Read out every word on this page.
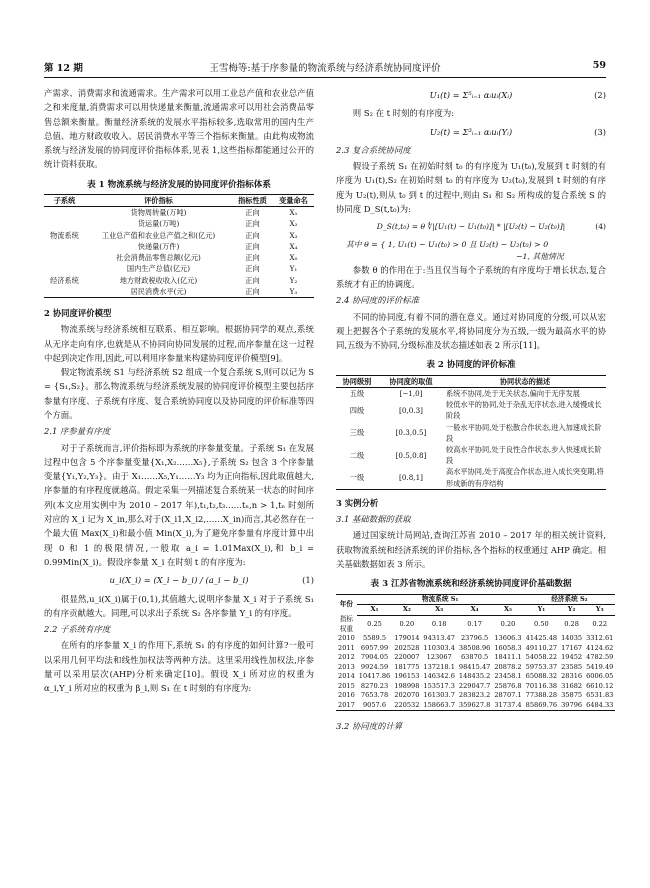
第 12 期	王雪梅等:基于序参量的物流系统与经济系统协同度评价	59

产需求、消费需求和流通需求。生产需求可以用工业总产值和农业总产值之和来度量,消费需求可以用快递量来衡量,流通需求可以用社会消费品零售总额来衡量。衡量经济系统的发展水平指标较多,选取常用的国内生产总值、地方财政收收入、居民消费水平等三个指标来衡量。由此构成物流系统与经济发展的协同度评价指标体系,见表 1,这些指标都能通过公开的统计资料获取。

表 1 物流系统与经济发展的协同度评价指标体系
子系统	评价指标	指标性质	变量命名
	货物周转量(万吨)	正向	X₁
	货运量(万吨)	正向	X₂
物流系统	工业总产值和农业总产值之和(亿元)	正向	X₃
	快递量(万件)	正向	X₄
	社会消费品零售总额(亿元)	正向	X₅
	国内生产总值(亿元)	正向	Y₁
经济系统	地方财政税收收入(亿元)	正向	Y₂
	居民消费水平(元)	正向	Y₃
2 协同度评价模型

物流系统与经济系统相互联系、相互影响。根据协同学的观点,系统从无序走向有序,也就是从不协同向协同发展的过程,而序参量在这一过程中起到决定作用,因此,可以利用序参量来构建协同度评价模型[9]。

假定物流系统 S1 与经济系统 S2 组成一个复合系统 S,则可以记为 S = {S₁,S₂}。那么物流系统与经济系统发展的协同度评价模型主要包括序参量有序度、子系统有序度、复合系统协同度以及协同度的评价标准等四个方面。

2.1 序参量有序度

对于子系统而言,评价指标即为系统的序参量变量。子系统 S₁ 在发展过程中包含 5 个序参量变量{X₁,X₂……X₅},子系统 S₂ 包含 3 个序参量变量{Y₁,Y₂,Y₃}。由于 X₁……X₅,Y₁……Y₃ 均为正向指标,因此取值越大,序参量的有序程度就越高。假定采集一列描述复合系统某一状态的时间序列(本文应用实例中为 2010 – 2017 年),t₁,t₂,t₃……tₙ,n > 1,tₙ 时刻所对应的 X_i 记为 X_in,那么对于(X_i1,X_i2,……X_in)而言,其必然存在一个最大值 Max(X_i)和最小值 Min(X_i),为了避免序参量有序度计算中出现 0 和 1 的极限情况,一般取 a_i = 1.01Max(X_i),和 b_i = 0.99Min(X_i)。假设序参量 X_i 在时刻 t 的有序度为:

u_i(X_i) = (X_i − b_i) / (a_i − b_i)	(1)

很显然,u_i(X_i)属于(0,1),其值越大,说明序参量 X_i 对于子系统 S₁ 的有序贡献越大。同理,可以求出子系统 S₂ 各序参量 Y_i 的有序度。

2.2 子系统有序度

在所有的序参量 X_i 的作用下,系统 S₁ 的有序度的如何计算?一般可以采用几何平均法和线性加权法等两种方法。这里采用线性加权法,序参量可以采用层次(AHP)分析来确定[10]。假设 X_i 所对应的权重为 α_i,Y_i 所对应的权重为 β_i,则 S₁ 在 t 时刻的有序度为:

U₁(t) = Σ⁵ᵢ₌₁ αᵢuᵢ(Xᵢ)	(2)

则 S₂ 在 t 时刻的有序度为:

U₂(t) = Σ³ᵢ₌₁ αᵢuᵢ(Yᵢ)	(3)
2.3 复合系统协同度

假设子系统 S₁ 在初始时刻 t₀ 的有序度为 U₁(t₀),发展到 t 时刻的有序度为 U₁(t),S₂ 在初始时刻 t₀ 的有序度为 U₂(t₀),发展到 t 时刻的有序度为 U₂(t),则从 t₀ 到 t 的过程中,则由 S₁ 和 S₂ 所构成的复合系统 S 的协同度 D_S(t,t₀)为:

D_S(t,t₀) = θ ∜|[U₁(t) − U₁(t₀)]| * |[U₂(t) − U₂(t₀)]|	(4)
其中 θ = { 1, U₁(t) − U₁(t₀) > 0 且 U₂(t) − U₂(t₀) > 0
−1, 其他情况

参数 θ 的作用在于:当且仅当每个子系统的有序度均于增长状态,复合系统才有正的协调度。

2.4 协同度的评价标准

不同的协同度,有着不同的潜在意义。通过对协同度的分级,可以从宏观上把握各个子系统的发展水平,将协同度分为五级,一级为最高水平的协同,五级为不协同,分级标准及状态描述如表 2 所示[11]。

表 2 协同度的评价标准
协同级别	协同度的取值	协同状态的描述
五级	[−1,0]	系统不协同,处于无关状态,偏向于无序发展
四级	[0,0.3]	较低水平的协同,处于杂乱无序状态,进入缓慢成长阶段
三级	[0.3,0.5]	一般水平协同,处于松散合作状态,进入加速成长阶段
二级	[0.5,0.8]	较高水平协同,处于良性合作状态,步入快速成长阶段
一级	[0.8,1]	高水平协同,处于高度合作状态,进入成长突变期,将形成新的有序结构
3 实例分析
3.1 基础数据的获取

通过国家统计局网站,查询江苏省 2010 – 2017 年的相关统计资料,获取物流系统和经济系统的评价指标,各个指标的权重通过 AHP 确定。相关基础数据如表 3 所示。

表 3 江苏省物流系统和经济系统协同度评价基础数据
年份	物流系统 S₁					经济系统 S₂		
	X₁	X₂	X₃	X₄	X₅	Y₁	Y₂	Y₃
指标权重	0.25	0.20	0.18	0.17	0.20	0.50	0.28	0.22
2010	5589.5	179014	94313.47	23796.5	13606.3	41425.48	14035	3312.61
2011	6957.99	202528	110303.4	38508.96	16058.3	49110.27	17167	4124.62
2012	7904.05	220007	123067	63870.5	18411.1	54058.22	19452	4782.59
2013	9924.59	181775	137218.1	98415.47	20878.2	59753.37	23585	5419.49
2014	10417.86	196153	146342.6	148435.2	23458.1	65088.32	28316	6006.05
2015	8270.23	198998	153517.3	229047.7	25876.8	70116.38	31682	6610.12
2016	7653.78	202070	161303.7	283823.2	28707.1	77388.28	35875	6531.83
2017	9057.6	220532	158663.7	359627.8	31737.4	85869.76	39796	6484.33
3.2 协同度的计算
